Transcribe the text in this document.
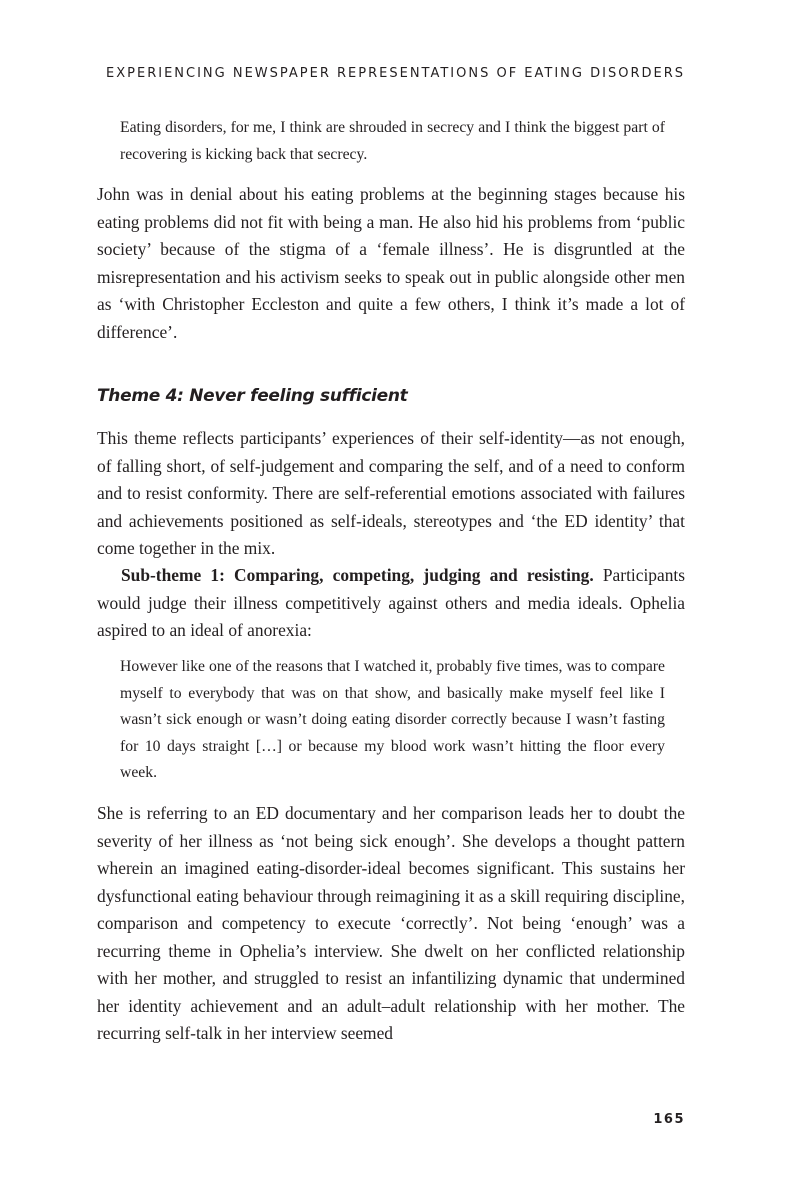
EXPERIENCING NEWSPAPER REPRESENTATIONS OF EATING DISORDERS

Eating disorders, for me, I think are shrouded in secrecy and I think the biggest part of recovering is kicking back that secrecy.

John was in denial about his eating problems at the beginning stages because his eating problems did not fit with being a man. He also hid his problems from ‘public society’ because of the stigma of a ‘female illness’. He is disgruntled at the misrepresentation and his activism seeks to speak out in public alongside other men as ‘with Christopher Eccleston and quite a few others, I think it’s made a lot of difference’.

Theme 4: Never feeling sufficient

This theme reflects participants’ experiences of their self-identity—as not enough, of falling short, of self-judgement and comparing the self, and of a need to conform and to resist conformity. There are self-referential emotions associated with failures and achievements positioned as self-ideals, stereotypes and ‘the ED identity’ that come together in the mix.

Sub-theme 1: Comparing, competing, judging and resisting. Participants would judge their illness competitively against others and media ideals. Ophelia aspired to an ideal of anorexia:

However like one of the reasons that I watched it, probably five times, was to compare myself to everybody that was on that show, and basically make myself feel like I wasn’t sick enough or wasn’t doing eating disorder correctly because I wasn’t fasting for 10 days straight […] or because my blood work wasn’t hitting the floor every week.

She is referring to an ED documentary and her comparison leads her to doubt the severity of her illness as ‘not being sick enough’. She develops a thought pattern wherein an imagined eating-disorder-ideal becomes significant. This sustains her dysfunctional eating behaviour through reimagining it as a skill requiring discipline, comparison and competency to execute ‘correctly’. Not being ‘enough’ was a recurring theme in Ophelia’s interview. She dwelt on her conflicted relationship with her mother, and struggled to resist an infantilizing dynamic that undermined her identity achievement and an adult–adult relationship with her mother. The recurring self-talk in her interview seemed

165
